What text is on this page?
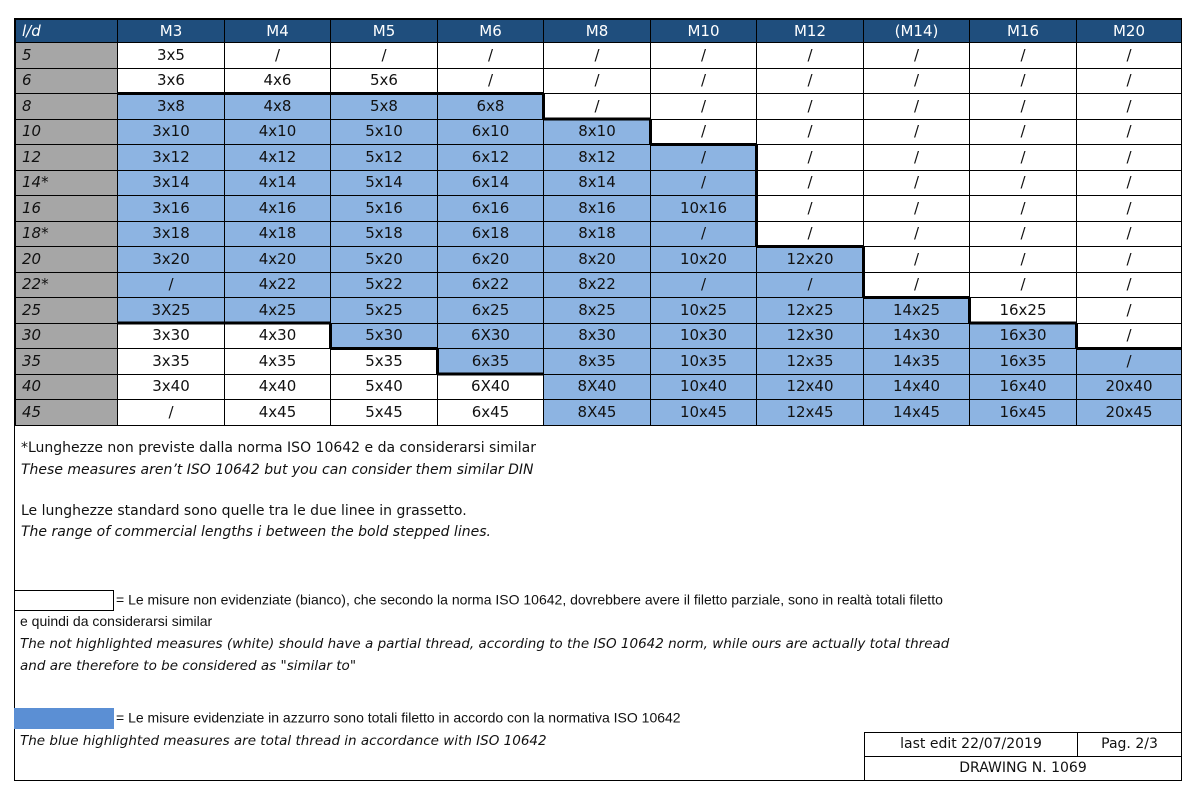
l/d	M3	M4	M5	M6	M8	M10	M12	(M14)	M16	M20
5	3x5	/	/	/	/	/	/	/	/	/
6	3x6	4x6	5x6	/	/	/	/	/	/	/
8	3x8	4x8	5x8	6x8	/	/	/	/	/	/
10	3x10	4x10	5x10	6x10	8x10	/	/	/	/	/
12	3x12	4x12	5x12	6x12	8x12	/	/	/	/	/
14*	3x14	4x14	5x14	6x14	8x14	/	/	/	/	/
16	3x16	4x16	5x16	6x16	8x16	10x16	/	/	/	/
18*	3x18	4x18	5x18	6x18	8x18	/	/	/	/	/
20	3x20	4x20	5x20	6x20	8x20	10x20	12x20	/	/	/
22*	/	4x22	5x22	6x22	8x22	/	/	/	/	/
25	3X25	4x25	5x25	6x25	8x25	10x25	12x25	14x25	16x25	/
30	3x30	4x30	5x30	6X30	8x30	10x30	12x30	14x30	16x30	/
35	3x35	4x35	5x35	6x35	8x35	10x35	12x35	14x35	16x35	/
40	3x40	4x40	5x40	6X40	8X40	10x40	12x40	14x40	16x40	20x40
45	/	4x45	5x45	6x45	8X45	10x45	12x45	14x45	16x45	20x45
*Lunghezze non previste dalla norma ISO 10642 e da considerarsi similar
These measures aren’t ISO 10642 but you can consider them similar DIN
Le lunghezze standard sono quelle tra le due linee in grassetto.
The range of commercial lengths i between the bold stepped lines.
= Le misure non evidenziate (bianco), che secondo la norma ISO 10642, dovrebbere avere il filetto parziale, sono in realtà totali filetto
e quindi da considerarsi similar
The not highlighted measures (white) should have a partial thread, according to the ISO 10642 norm, while ours are actually total thread
and are therefore to be considered as "similar to"
= Le misure evidenziate in azzurro sono totali filetto in accordo con la normativa ISO 10642
The blue highlighted measures are total thread in accordance with ISO 10642	last edit 22/07/2019	Pag. 2/3
DRAWING N. 1069
